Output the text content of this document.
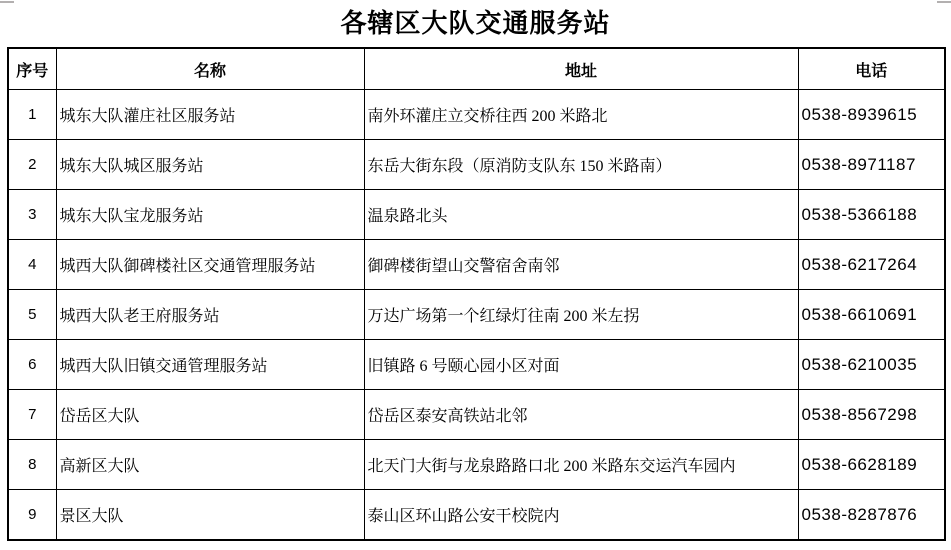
各辖区大队交通服务站
序号	名称	地址	电话
1	城东大队灌庄社区服务站	南外环灌庄立交桥往西 200 米路北	0538-8939615
2	城东大队城区服务站	东岳大街东段（原消防支队东 150 米路南）	0538-8971187
3	城东大队宝龙服务站	温泉路北头	0538-5366188
4	城西大队御碑楼社区交通管理服务站	御碑楼街望山交警宿舍南邻	0538-6217264
5	城西大队老王府服务站	万达广场第一个红绿灯往南 200 米左拐	0538-6610691
6	城西大队旧镇交通管理服务站	旧镇路 6 号颐心园小区对面	0538-6210035
7	岱岳区大队	岱岳区泰安高铁站北邻	0538-8567298
8	高新区大队	北天门大街与龙泉路路口北 200 米路东交运汽车园内	0538-6628189
9	景区大队	泰山区环山路公安干校院内	0538-8287876
